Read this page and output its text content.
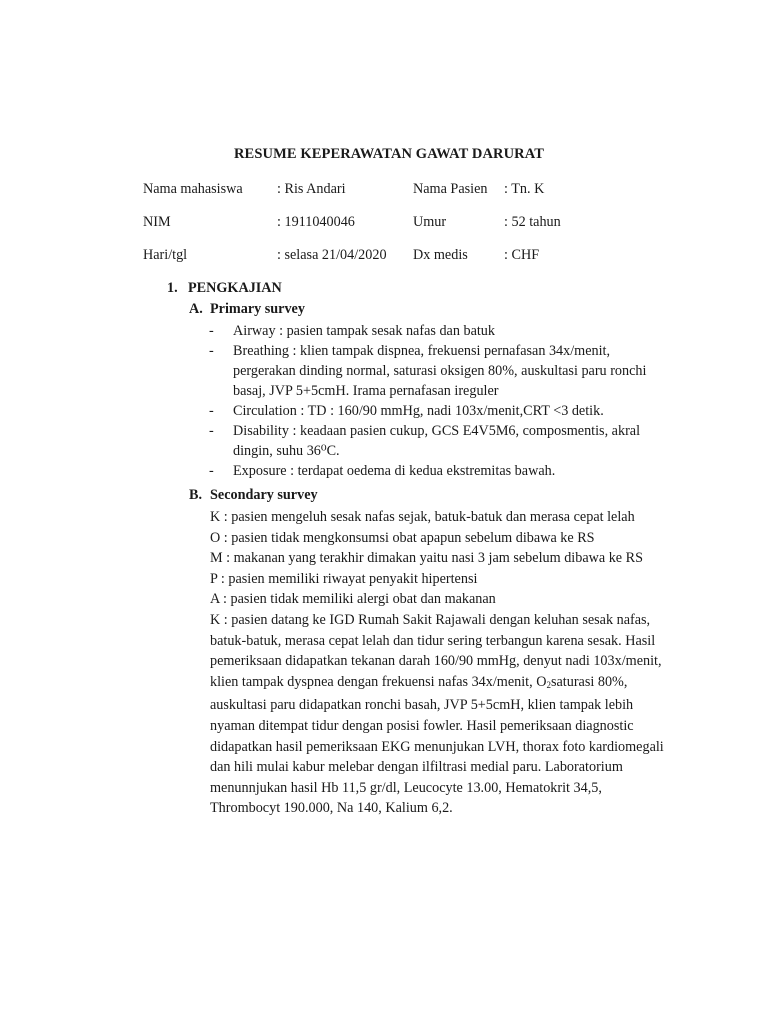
RESUME KEPERAWATAN GAWAT DARURAT
Nama mahasiswa : Ris Andari	Nama Pasien : Tn. K
NIM	: 1911040046	Umur	: 52 tahun
Hari/tgl	: selasa 21/04/2020 Dx medis	: CHF
1. PENGKAJIAN
A. Primary survey
- Airway : pasien tampak sesak nafas dan batuk
- Breathing : klien tampak dispnea, frekuensi pernafasan 34x/menit, pergerakan dinding normal, saturasi oksigen 80%, auskultasi paru ronchi basaj, JVP 5+5cmH. Irama pernafasan ireguler
- Circulation : TD : 160/90 mmHg, nadi 103x/menit,CRT <3 detik.
- Disability : keadaan pasien cukup, GCS E4V5M6, composmentis, akral dingin, suhu 36⁰C.
- Exposure : terdapat oedema di kedua ekstremitas bawah.
B. Secondary survey

K : pasien mengeluh sesak nafas sejak, batuk-batuk dan merasa cepat lelah

O : pasien tidak mengkonsumsi obat apapun sebelum dibawa ke RS

M : makanan yang terakhir dimakan yaitu nasi 3 jam sebelum dibawa ke RS

P : pasien memiliki riwayat penyakit hipertensi

A : pasien tidak memiliki alergi obat dan makanan

K : pasien datang ke IGD Rumah Sakit Rajawali dengan keluhan sesak nafas, batuk-batuk, merasa cepat lelah dan tidur sering terbangun karena sesak. Hasil pemeriksaan didapatkan tekanan darah 160/90 mmHg, denyut nadi 103x/menit, klien tampak dyspnea dengan frekuensi nafas 34x/menit, $O_2saturasi$ 80%, auskultasi paru didapatkan ronchi basah, JVP 5+5cmH, klien tampak lebih nyaman ditempat tidur dengan posisi fowler. Hasil pemeriksaan diagnostic didapatkan hasil pemeriksaan EKG menunjukan LVH, thorax foto kardiomegali dan hili mulai kabur melebar dengan ilfiltrasi medial paru. Laboratorium menunnjukan hasil Hb 11,5 gr/dl, Leucocyte 13.00, Hematokrit 34,5, Thrombocyt 190.000, Na 140, Kalium 6,2.
